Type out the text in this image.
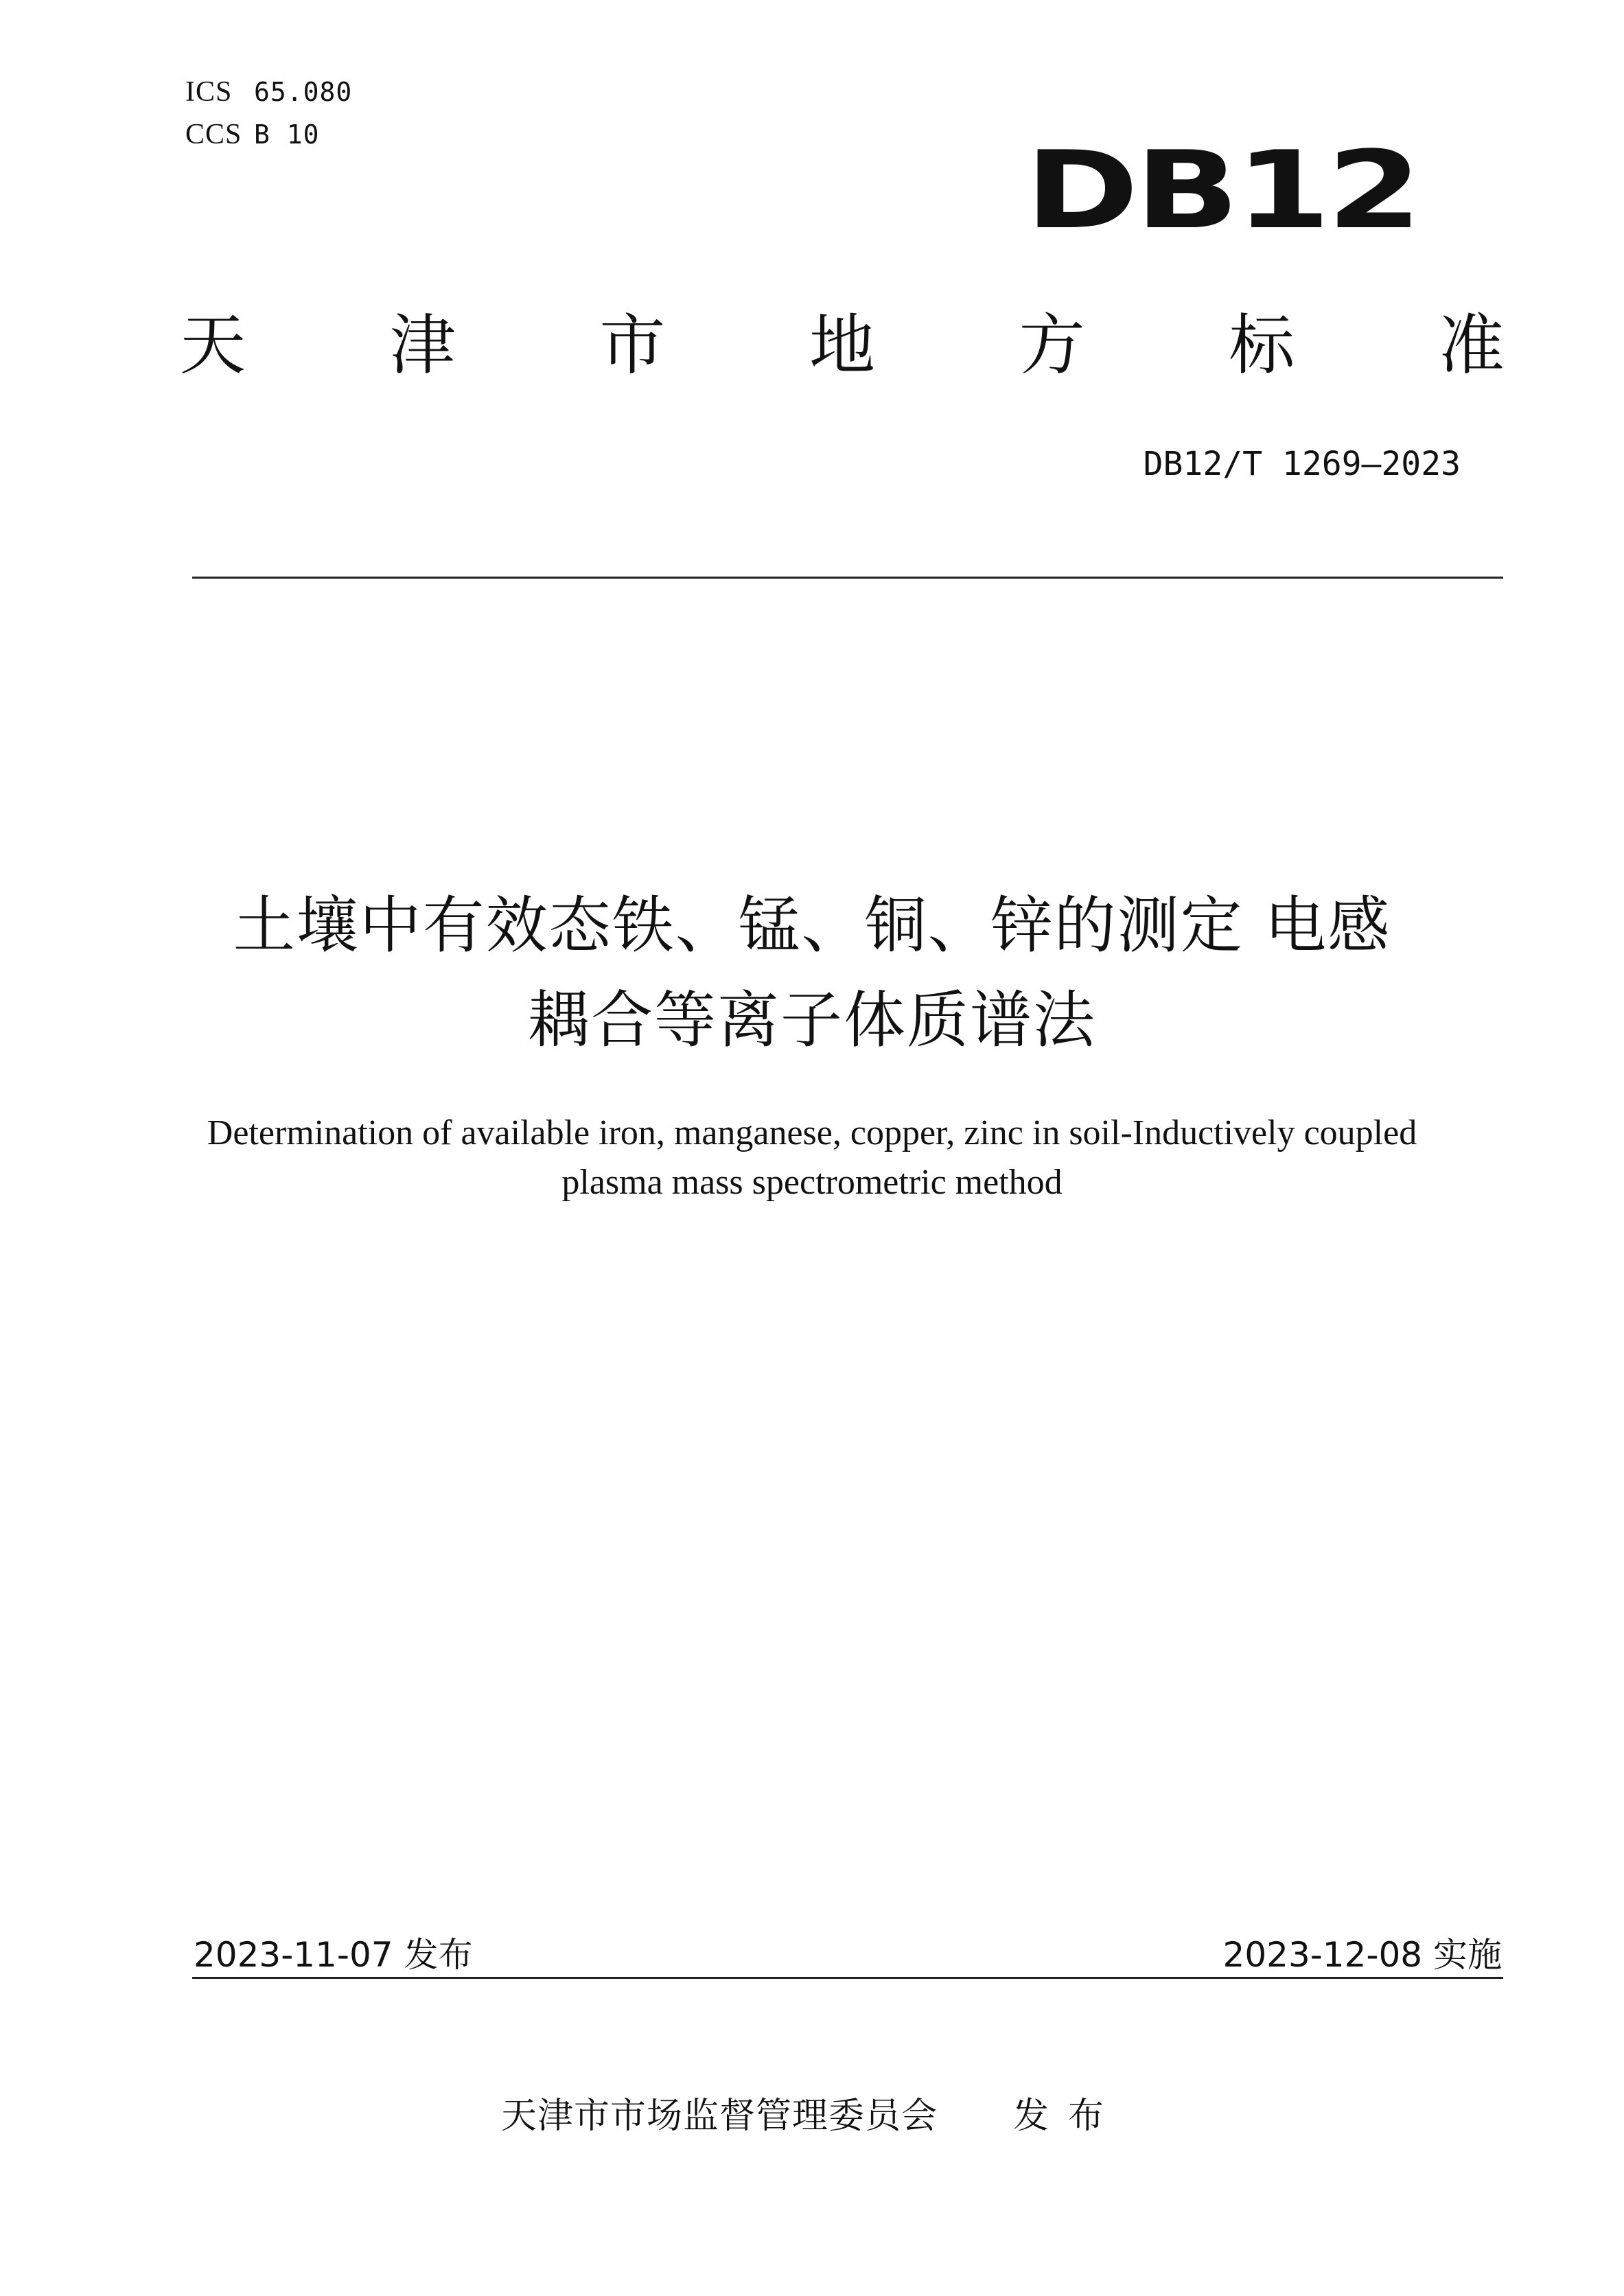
ICS 65.080
CCS B 10	DB12
天 津 市 地 方 标 准
DB12/T 1269—2023
土壤中有效态铁、锰、铜、锌的测定 电感
耦合等离子体质谱法
Determination of available iron, manganese, copper, zinc in soil-Inductively coupled
plasma mass spectrometric method
2023-11-07 发布	2023-12-08 实施
天津市市场监督管理委员会 发布
